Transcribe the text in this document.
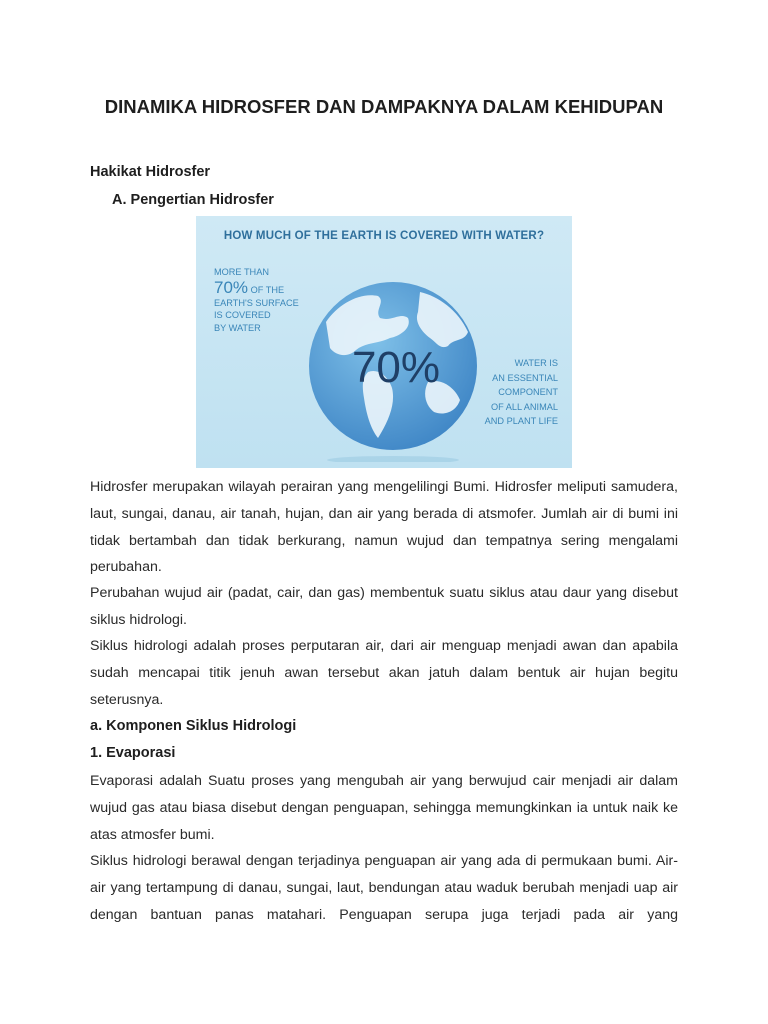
DINAMIKA HIDROSFER DAN DAMPAKNYA DALAM KEHIDUPAN
Hakikat Hidrosfer
A. Pengertian Hidrosfer
HOW MUCH OF THE EARTH IS COVERED WITH WATER?
MORE THAN
70% OF THE
EARTH'S SURFACE
IS COVERED
BY WATER
70%	WATER IS
AN ESSENTIAL
COMPONENT
OF ALL ANIMAL
AND PLANT LIFE
Hidrosfer merupakan wilayah perairan yang mengelilingi Bumi. Hidrosfer meliputi samudera, laut, sungai, danau, air tanah, hujan, dan air yang berada di atsmofer. Jumlah air di bumi ini tidak bertambah dan tidak berkurang, namun wujud dan tempatnya sering mengalami perubahan.
Perubahan wujud air (padat, cair, dan gas) membentuk suatu siklus atau daur yang disebut siklus hidrologi.
Siklus hidrologi adalah proses perputaran air, dari air menguap menjadi awan dan apabila sudah mencapai titik jenuh awan tersebut akan jatuh dalam bentuk air hujan begitu seterusnya.
a. Komponen Siklus Hidrologi
1. Evaporasi
Evaporasi adalah Suatu proses yang mengubah air yang berwujud cair menjadi air dalam wujud gas atau biasa disebut dengan penguapan, sehingga memungkinkan ia untuk naik ke atas atmosfer bumi.
Siklus hidrologi berawal dengan terjadinya penguapan air yang ada di permukaan bumi. Air-air yang tertampung di danau, sungai, laut, bendungan atau waduk berubah menjadi uap air dengan bantuan panas matahari. Penguapan serupa juga terjadi pada air yang
